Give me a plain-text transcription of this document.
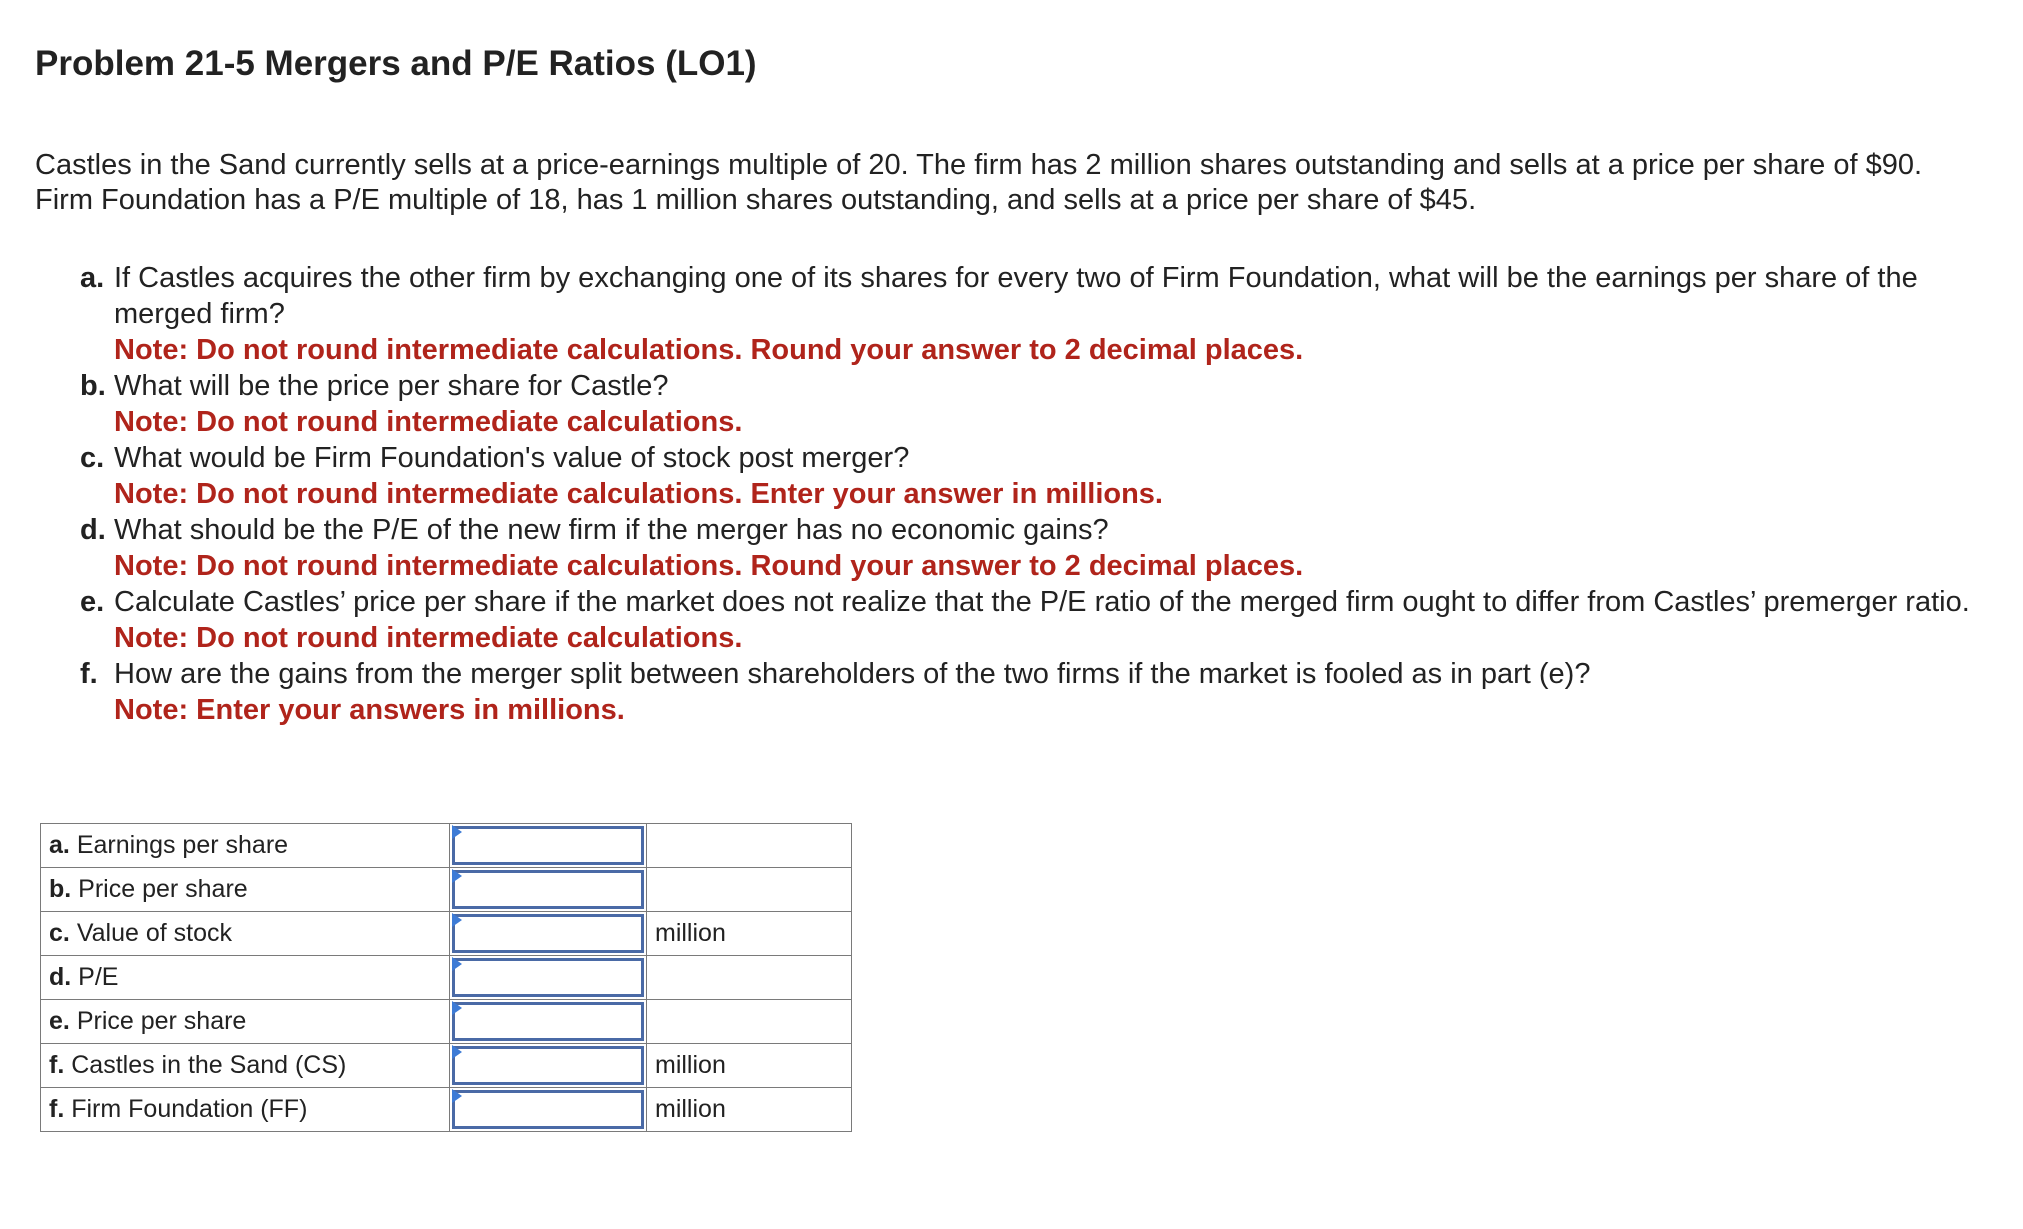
Problem 21-5 Mergers and P/E Ratios (LO1)

Castles in the Sand currently sells at a price-earnings multiple of 20. The firm has 2 million shares outstanding and sells at a price per share of $90. Firm Foundation has a P/E multiple of 18, has 1 million shares outstanding, and sells at a price per share of $45.

a. If Castles acquires the other firm by exchanging one of its shares for every two of Firm Foundation, what will be the earnings per share of the merged firm?
Note: Do not round intermediate calculations. Round your answer to 2 decimal places.
b. What will be the price per share for Castle?
Note: Do not round intermediate calculations.
c. What would be Firm Foundation's value of stock post merger?
Note: Do not round intermediate calculations. Enter your answer in millions.
d. What should be the P/E of the new firm if the merger has no economic gains?
Note: Do not round intermediate calculations. Round your answer to 2 decimal places.
e. Calculate Castles’ price per share if the market does not realize that the P/E ratio of the merged firm ought to differ from Castles’ premerger ratio.
Note: Do not round intermediate calculations.
f. How are the gains from the merger split between shareholders of the two firms if the market is fooled as in part (e)?
Note: Enter your answers in millions.
a. Earnings per share	

b. Price per share	

c. Value of stock		million
d. P/E	

e. Price per share	

f. Castles in the Sand (CS)		million
f. Firm Foundation (FF)		million
